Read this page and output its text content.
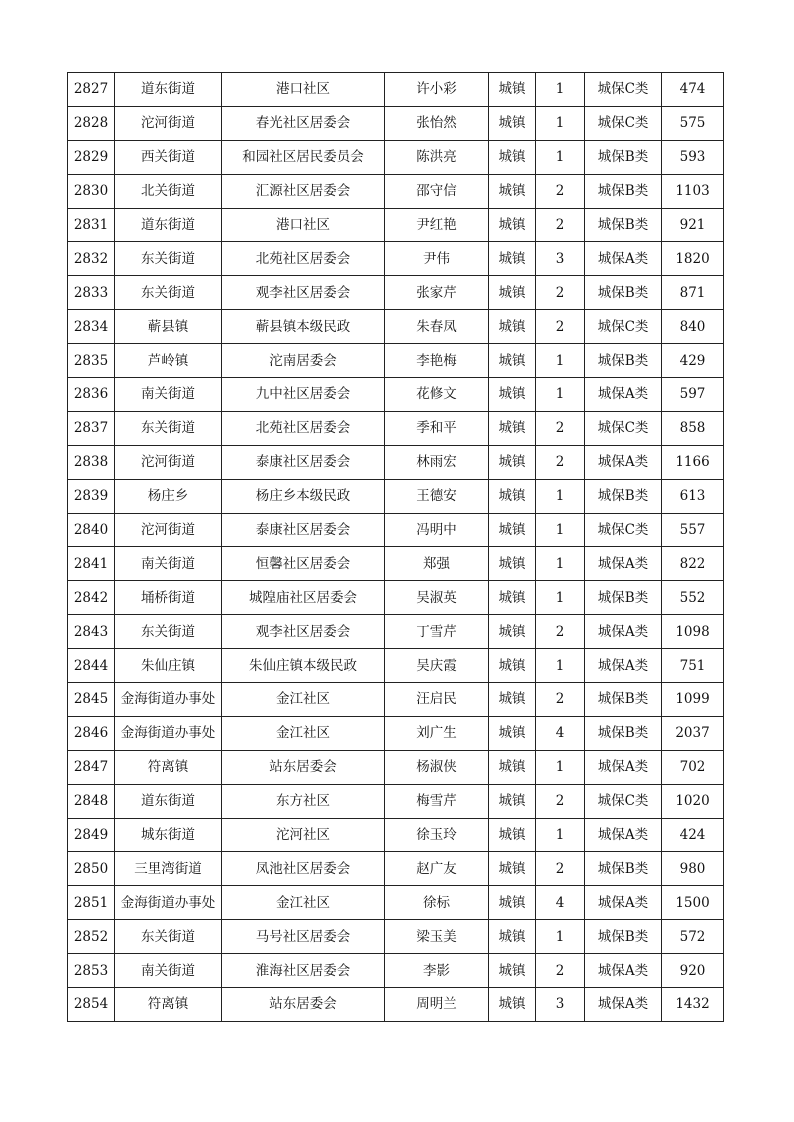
2827	道东街道	港口社区	许小彩	城镇	1	城保C类	474
2828	沱河街道	春光社区居委会	张怡然	城镇	1	城保C类	575
2829	西关街道	和园社区居民委员会	陈洪亮	城镇	1	城保B类	593
2830	北关街道	汇源社区居委会	邵守信	城镇	2	城保B类	1103
2831	道东街道	港口社区	尹红艳	城镇	2	城保B类	921
2832	东关街道	北苑社区居委会	尹伟	城镇	3	城保A类	1820
2833	东关街道	观李社区居委会	张家芹	城镇	2	城保B类	871
2834	蕲县镇	蕲县镇本级民政	朱春凤	城镇	2	城保C类	840
2835	芦岭镇	沱南居委会	李艳梅	城镇	1	城保B类	429
2836	南关街道	九中社区居委会	花修文	城镇	1	城保A类	597
2837	东关街道	北苑社区居委会	季和平	城镇	2	城保C类	858
2838	沱河街道	泰康社区居委会	林雨宏	城镇	2	城保A类	1166
2839	杨庄乡	杨庄乡本级民政	王德安	城镇	1	城保B类	613
2840	沱河街道	泰康社区居委会	冯明中	城镇	1	城保C类	557
2841	南关街道	恒馨社区居委会	郑强	城镇	1	城保A类	822
2842	埇桥街道	城隍庙社区居委会	吴淑英	城镇	1	城保B类	552
2843	东关街道	观李社区居委会	丁雪芹	城镇	2	城保A类	1098
2844	朱仙庄镇	朱仙庄镇本级民政	吴庆霞	城镇	1	城保A类	751
2845	金海街道办事处	金江社区	汪启民	城镇	2	城保B类	1099
2846	金海街道办事处	金江社区	刘广生	城镇	4	城保B类	2037
2847	符离镇	站东居委会	杨淑侠	城镇	1	城保A类	702
2848	道东街道	东方社区	梅雪芹	城镇	2	城保C类	1020
2849	城东街道	沱河社区	徐玉玲	城镇	1	城保A类	424
2850	三里湾街道	凤池社区居委会	赵广友	城镇	2	城保B类	980
2851	金海街道办事处	金江社区	徐标	城镇	4	城保A类	1500
2852	东关街道	马号社区居委会	梁玉美	城镇	1	城保B类	572
2853	南关街道	淮海社区居委会	李影	城镇	2	城保A类	920
2854	符离镇	站东居委会	周明兰	城镇	3	城保A类	1432
